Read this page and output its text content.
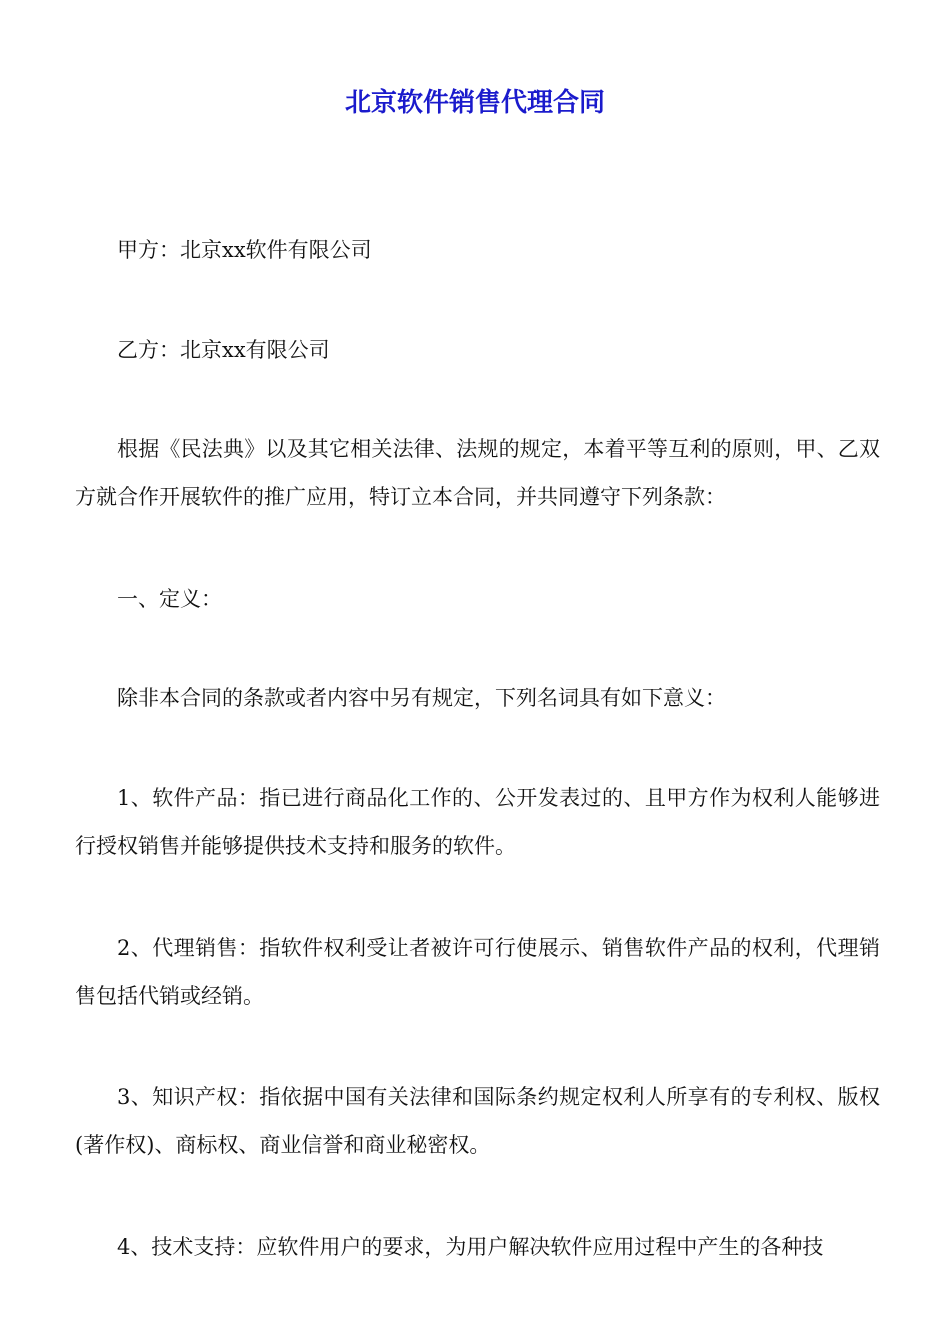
北京软件销售代理合同
甲方：北京xx软件有限公司
乙方：北京xx有限公司
根据《民法典》以及其它相关法律、法规的规定，本着平等互利的原则，甲、乙双方就合作开展软件的推广应用，特订立本合同，并共同遵守下列条款：
一、定义：
除非本合同的条款或者内容中另有规定，下列名词具有如下意义：
1、软件产品：指已进行商品化工作的、公开发表过的、且甲方作为权利人能够进行授权销售并能够提供技术支持和服务的软件。
2、代理销售：指软件权利受让者被许可行使展示、销售软件产品的权利，代理销售包括代销或经销。
3、知识产权：指依据中国有关法律和国际条约规定权利人所享有的专利权、版权(著作权)、商标权、商业信誉和商业秘密权。
4、技术支持：应软件用户的要求，为用户解决软件应用过程中产生的各种技
